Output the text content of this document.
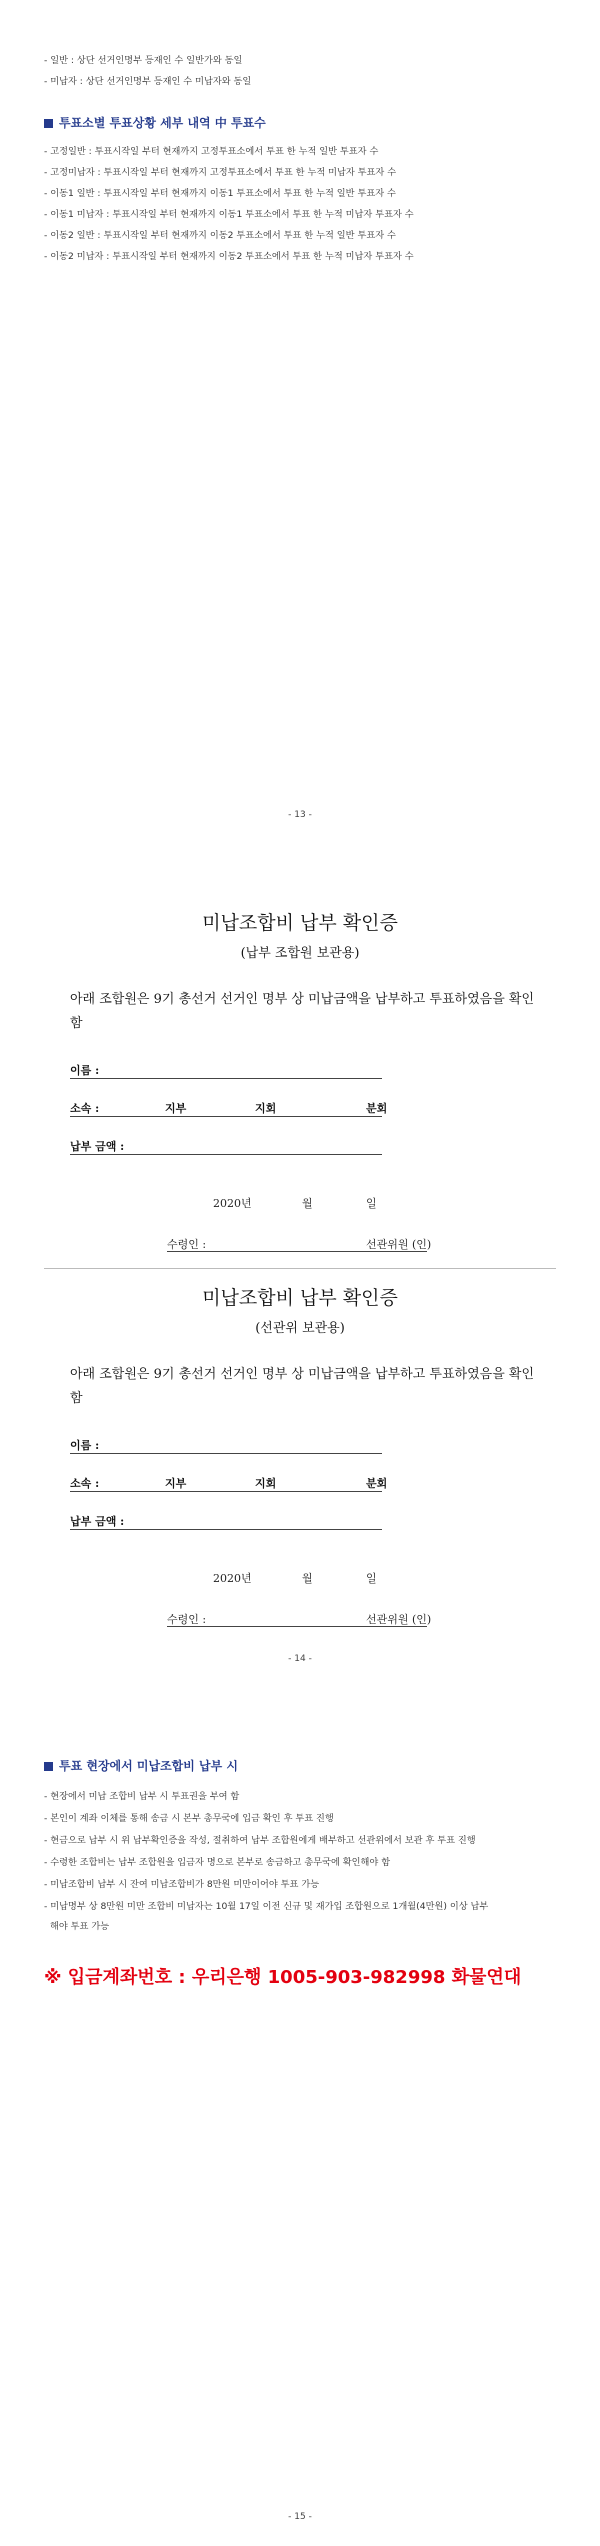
- 일반 : 상단 선거인명부 등재인 수 일반가와 동일
- 미납자 : 상단 선거인명부 등재인 수 미납자와 동일
투표소별 투표상황 세부 내역 中 투표수
- 고정일반 : 투표시작일 부터 현재까지 고정투표소에서 투표 한 누적 일반 투표자 수
- 고정미납자 : 투표시작일 부터 현재까지 고정투표소에서 투표 한 누적 미납자 투표자 수
- 이동1 일반 : 투표시작일 부터 현재까지 이동1 투표소에서 투표 한 누적 일반 투표자 수
- 이동1 미납자 : 투표시작일 부터 현재까지 이동1 투표소에서 투표 한 누적 미납자 투표자 수
- 이동2 일반 : 투표시작일 부터 현재까지 이동2 투표소에서 투표 한 누적 일반 투표자 수
- 이동2 미납자 : 투표시작일 부터 현재까지 이동2 투표소에서 투표 한 누적 미납자 투표자 수
- 13 -
미납조합비 납부 확인증
(납부 조합원 보관용)
아래 조합원은 9기 총선거 선거인 명부 상 미납금액을 납부하고 투표하였음을 확인 함
이름 :
소속 :	지부	지회	분회
납부 금액 :
2020년	월	일
수령인 :	선관위원 (인)
미납조합비 납부 확인증
(선관위 보관용)
아래 조합원은 9기 총선거 선거인 명부 상 미납금액을 납부하고 투표하였음을 확인 함
이름 :
소속 :	지부	지회	분회
납부 금액 :
2020년	월	일
수령인 :	선관위원 (인)
- 14 -
투표 현장에서 미납조합비 납부 시
- 현장에서 미납 조합비 납부 시 투표권을 부여 함
- 본인이 계좌 이체를 통해 송금 시 본부 총무국에 입금 확인 후 투표 진행
- 현금으로 납부 시 위 납부확인증을 작성, 절취하여 납부 조합원에게 배부하고 선관위에서 보관 후 투표 진행
- 수령한 조합비는 납부 조합원을 입금자 명으로 본부로 송금하고 총무국에 확인해야 함
- 미납조합비 납부 시 잔여 미납조합비가 8만원 미만이어야 투표 가능
- 미납명부 상 8만원 미만 조합비 미납자는 10월 17일 이전 신규 및 재가입 조합원으로 1개월(4만원) 이상 납부
해야 투표 가능
※ 입금계좌번호 : 우리은행 1005-903-982998 화물연대
- 15 -
